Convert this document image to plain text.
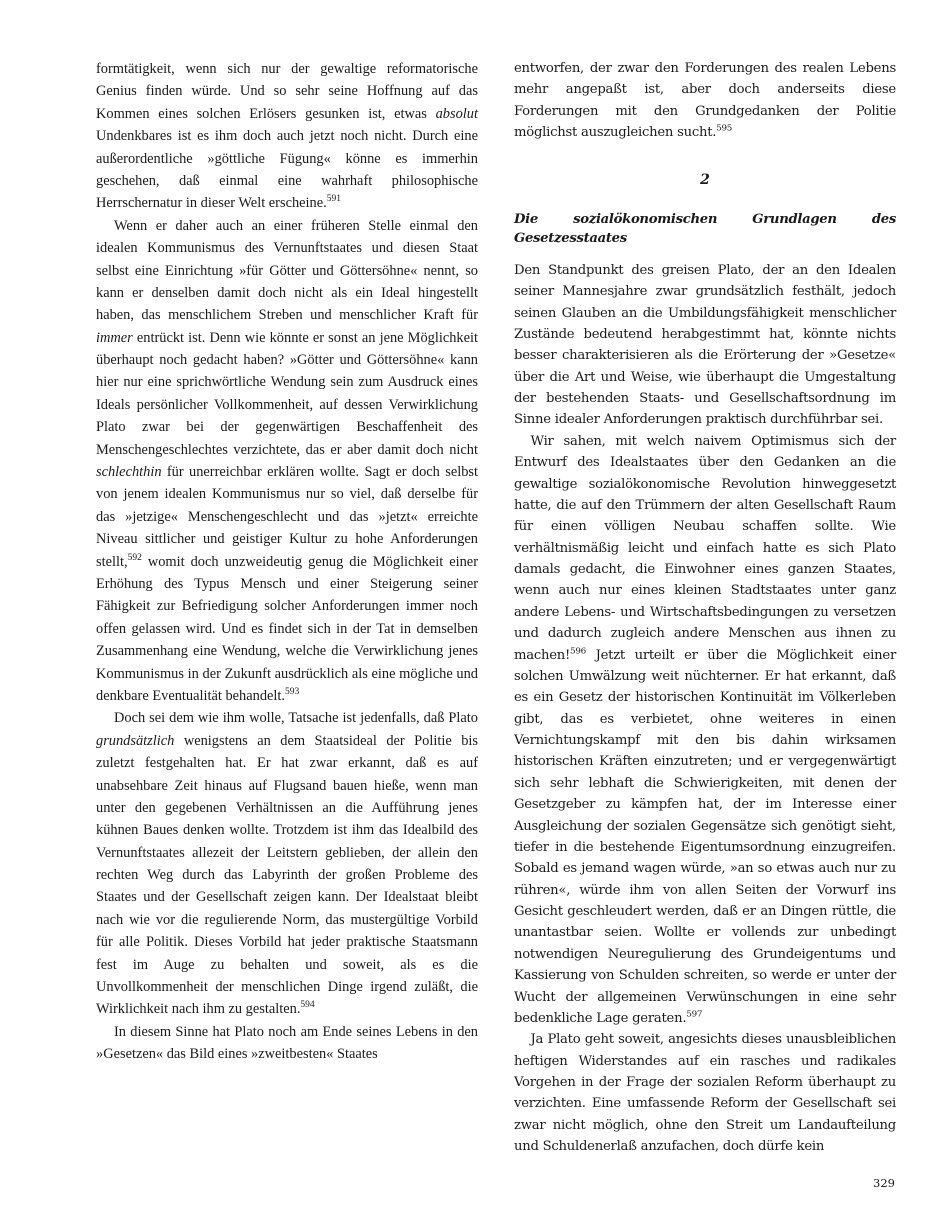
formtätigkeit, wenn sich nur der gewaltige reformatorische Genius finden würde. Und so sehr seine Hoffnung auf das Kommen eines solchen Erlösers gesunken ist, etwas absolut Undenkbares ist es ihm doch auch jetzt noch nicht. Durch eine außerordentliche »göttliche Fügung« könne es immerhin geschehen, daß einmal eine wahrhaft philosophische Herrschernatur in dieser Welt erscheine.$^{591}$

Wenn er daher auch an einer früheren Stelle einmal den idealen Kommunismus des Vernunftstaates und diesen Staat selbst eine Einrichtung »für Götter und Göttersöhne« nennt, so kann er denselben damit doch nicht als ein Ideal hingestellt haben, das menschlichem Streben und menschlicher Kraft für immer entrückt ist. Denn wie könnte er sonst an jene Möglichkeit überhaupt noch gedacht haben? »Götter und Göttersöhne« kann hier nur eine sprichwörtliche Wendung sein zum Ausdruck eines Ideals persönlicher Vollkommenheit, auf dessen Verwirklichung Plato zwar bei der gegenwärtigen Beschaffenheit des Menschengeschlechtes verzichtete, das er aber damit doch nicht schlechthin für unerreichbar erklären wollte. Sagt er doch selbst von jenem idealen Kommunismus nur so viel, daß derselbe für das »jetzige« Menschengeschlecht und das »jetzt« erreichte Niveau sittlicher und geistiger Kultur zu hohe Anforderungen stellt,$^{592}$ womit doch unzweideutig genug die Möglichkeit einer Erhöhung des Typus Mensch und einer Steigerung seiner Fähigkeit zur Befriedigung solcher Anforderungen immer noch offen gelassen wird. Und es findet sich in der Tat in demselben Zusammenhang eine Wendung, welche die Verwirklichung jenes Kommunismus in der Zukunft ausdrücklich als eine mögliche und denkbare Eventualität behandelt.$^{593}$

Doch sei dem wie ihm wolle, Tatsache ist jedenfalls, daß Plato grundsätzlich wenigstens an dem Staatsideal der Politie bis zuletzt festgehalten hat. Er hat zwar erkannt, daß es auf unabsehbare Zeit hinaus auf Flugsand bauen hieße, wenn man unter den gegebenen Verhältnissen an die Aufführung jenes kühnen Baues denken wollte. Trotzdem ist ihm das Idealbild des Vernunftstaates allezeit der Leitstern geblieben, der allein den rechten Weg durch das Labyrinth der großen Probleme des Staates und der Gesellschaft zeigen kann. Der Idealstaat bleibt nach wie vor die regulierende Norm, das mustergültige Vorbild für alle Politik. Dieses Vorbild hat jeder praktische Staatsmann fest im Auge zu behalten und soweit, als es die Unvollkommenheit der menschlichen Dinge irgend zuläßt, die Wirklichkeit nach ihm zu gestalten.$^{594}$

In diesem Sinne hat Plato noch am Ende seines Lebens in den »Gesetzen« das Bild eines »zweitbesten« Staates

entworfen, der zwar den Forderungen des realen Lebens mehr angepaßt ist, aber doch anderseits diese Forderungen mit den Grundgedanken der Politie möglichst auszugleichen sucht.$^{595}$

2
Die sozialökonomischen Grundlagen des Gesetzesstaates

Den Standpunkt des greisen Plato, der an den Idealen seiner Mannesjahre zwar grundsätzlich festhält, jedoch seinen Glauben an die Umbildungsfähigkeit menschlicher Zustände bedeutend herabgestimmt hat, könnte nichts besser charakterisieren als die Erörterung der »Gesetze« über die Art und Weise, wie überhaupt die Umgestaltung der bestehenden Staats- und Gesellschaftsordnung im Sinne idealer Anforderungen praktisch durchführbar sei.

Wir sahen, mit welch naivem Optimismus sich der Entwurf des Idealstaates über den Gedanken an die gewaltige sozialökonomische Revolution hinweggesetzt hatte, die auf den Trümmern der alten Gesellschaft Raum für einen völligen Neubau schaffen sollte. Wie verhältnismäßig leicht und einfach hatte es sich Plato damals gedacht, die Einwohner eines ganzen Staates, wenn auch nur eines kleinen Stadtstaates unter ganz andere Lebens- und Wirtschaftsbedingungen zu versetzen und dadurch zugleich andere Menschen aus ihnen zu machen!$^{596}$ Jetzt urteilt er über die Möglichkeit einer solchen Umwälzung weit nüchterner. Er hat erkannt, daß es ein Gesetz der historischen Kontinuität im Völkerleben gibt, das es verbietet, ohne weiteres in einen Vernichtungskampf mit den bis dahin wirksamen historischen Kräften einzutreten; und er vergegenwärtigt sich sehr lebhaft die Schwierigkeiten, mit denen der Gesetzgeber zu kämpfen hat, der im Interesse einer Ausgleichung der sozialen Gegensätze sich genötigt sieht, tiefer in die bestehende Eigentumsordnung einzugreifen. Sobald es jemand wagen würde, »an so etwas auch nur zu rühren«, würde ihm von allen Seiten der Vorwurf ins Gesicht geschleudert werden, daß er an Dingen rüttle, die unantastbar seien. Wollte er vollends zur unbedingt notwendigen Neuregulierung des Grundeigentums und Kassierung von Schulden schreiten, so werde er unter der Wucht der allgemeinen Verwünschungen in eine sehr bedenkliche Lage geraten.$^{597}$

Ja Plato geht soweit, angesichts dieses unausbleiblichen heftigen Widerstandes auf ein rasches und radikales Vorgehen in der Frage der sozialen Reform überhaupt zu verzichten. Eine umfassende Reform der Gesellschaft sei zwar nicht möglich, ohne den Streit um Landaufteilung und Schuldenerlaß anzufachen, doch dürfe kein

329
